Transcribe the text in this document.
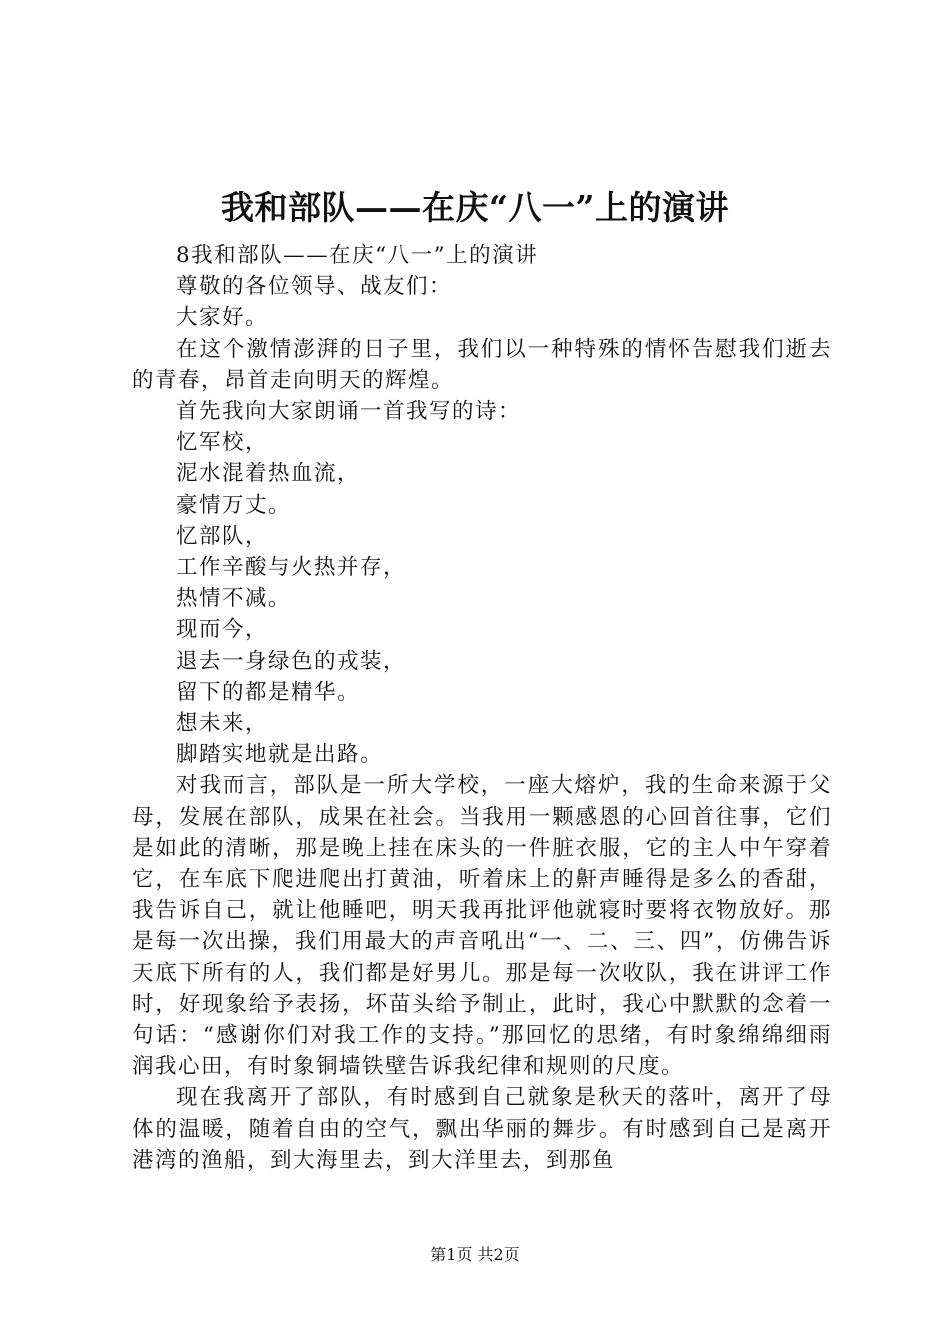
我和部队——在庆“八一”上的演讲

8我和部队——在庆“八一”上的演讲

尊敬的各位领导、战友们：

大家好。

在这个激情澎湃的日子里，我们以一种特殊的情怀告慰我们逝去的青春，昂首走向明天的辉煌。

首先我向大家朗诵一首我写的诗：

忆军校，

泥水混着热血流，

豪情万丈。

忆部队，

工作辛酸与火热并存，

热情不减。

现而今，

退去一身绿色的戎装，

留下的都是精华。

想未来，

脚踏实地就是出路。

对我而言，部队是一所大学校，一座大熔炉，我的生命来源于父母，发展在部队，成果在社会。当我用一颗感恩的心回首往事，它们是如此的清晰，那是晚上挂在床头的一件脏衣服，它的主人中午穿着它，在车底下爬进爬出打黄油，听着床上的鼾声睡得是多么的香甜，我告诉自己，就让他睡吧，明天我再批评他就寝时要将衣物放好。那是每一次出操，我们用最大的声音吼出“一、二、三、四”，仿佛告诉天底下所有的人，我们都是好男儿。那是每一次收队，我在讲评工作时，好现象给予表扬，坏苗头给予制止，此时，我心中默默的念着一句话：“感谢你们对我工作的支持。”那回忆的思绪，有时象绵绵细雨润我心田，有时象铜墙铁壁告诉我纪律和规则的尺度。

现在我离开了部队，有时感到自己就象是秋天的落叶，离开了母体的温暖，随着自由的空气，飘出华丽的舞步。有时感到自己是离开港湾的渔船，到大海里去，到大洋里去，到那鱼

第1页 共2页
